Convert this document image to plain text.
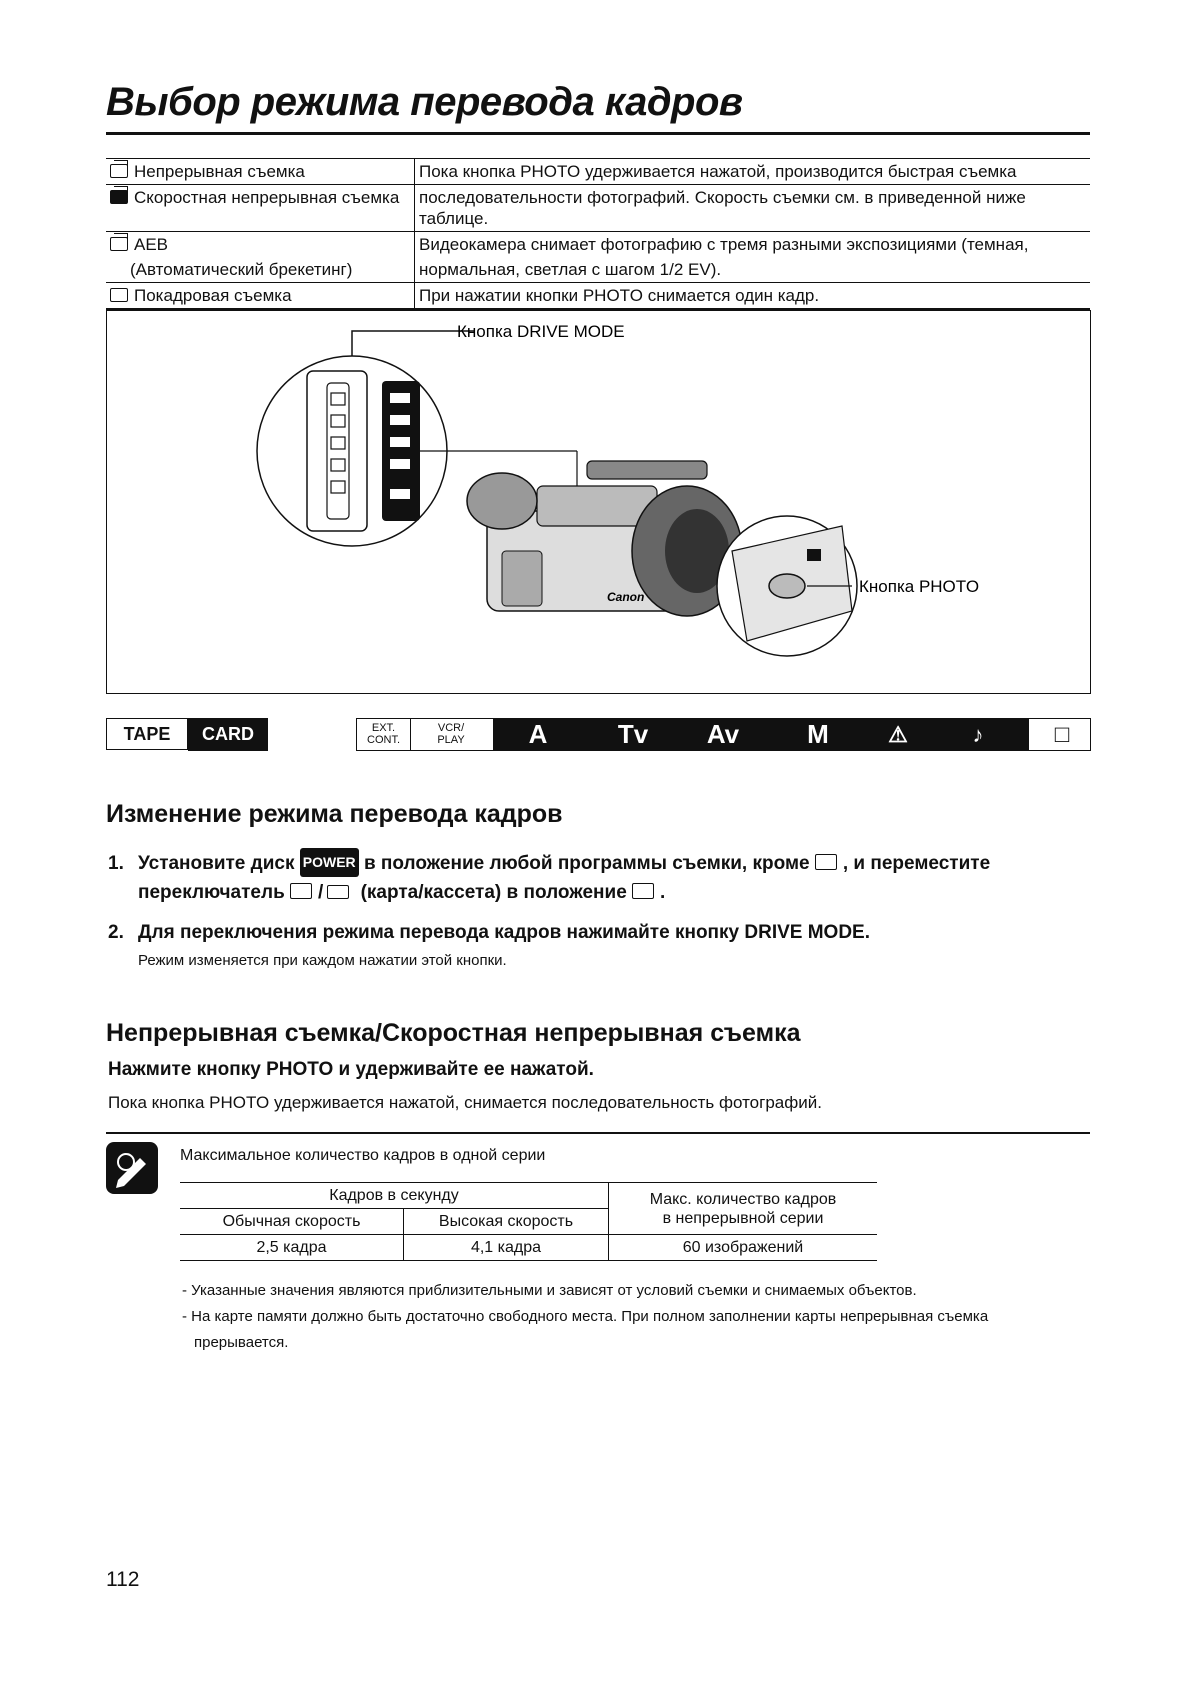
Выбор режима перевода кадров
Непрерывная съемка	Пока кнопка PHOTO удерживается нажатой, производится быстрая съемка
Скоростная непрерывная съемка	последовательности фотографий. Скорость съемки см. в приведенной ниже таблице.
AEB	Видеокамера снимает фотографию с тремя разными экспозициями (темная,
(Автоматический брекетинг)	нормальная, светлая с шагом 1/2 EV).
Покадровая съемка	При нажатии кнопки PHOTO снимается один кадр.
Кнопка DRIVE MODE
Canon
Кнопка PHOTO
TAPE	CARD	EXT.
CONT.
VCR/
PLAY	A	Tv	Av	M	⚠	♪	□
Изменение режима перевода кадров
1. Установите диск POWER в положение любой программы съемки, кроме , и переместите
переключатель / (карта/кассета) в положение .
2. Для переключения режима перевода кадров нажимайте кнопку DRIVE MODE.
Режим изменяется при каждом нажатии этой кнопки.
Непрерывная съемка/Скоростная непрерывная съемка
Нажмите кнопку PHOTO и удерживайте ее нажатой.
Пока кнопка PHOTO удерживается нажатой, снимается последовательность фотографий.
Максимальное количество кадров в одной серии
Кадров в секунду		Макс. количество кадров
в непрерывной серии

Обычная скорость	Высокая скорость	
2,5 кадра	4,1 кадра	60 изображений
- Указанные значения являются приблизительными и зависят от условий съемки и снимаемых объектов.
- На карте памяти должно быть достаточно свободного места. При полном заполнении карты непрерывная съемка
прерывается.
112
